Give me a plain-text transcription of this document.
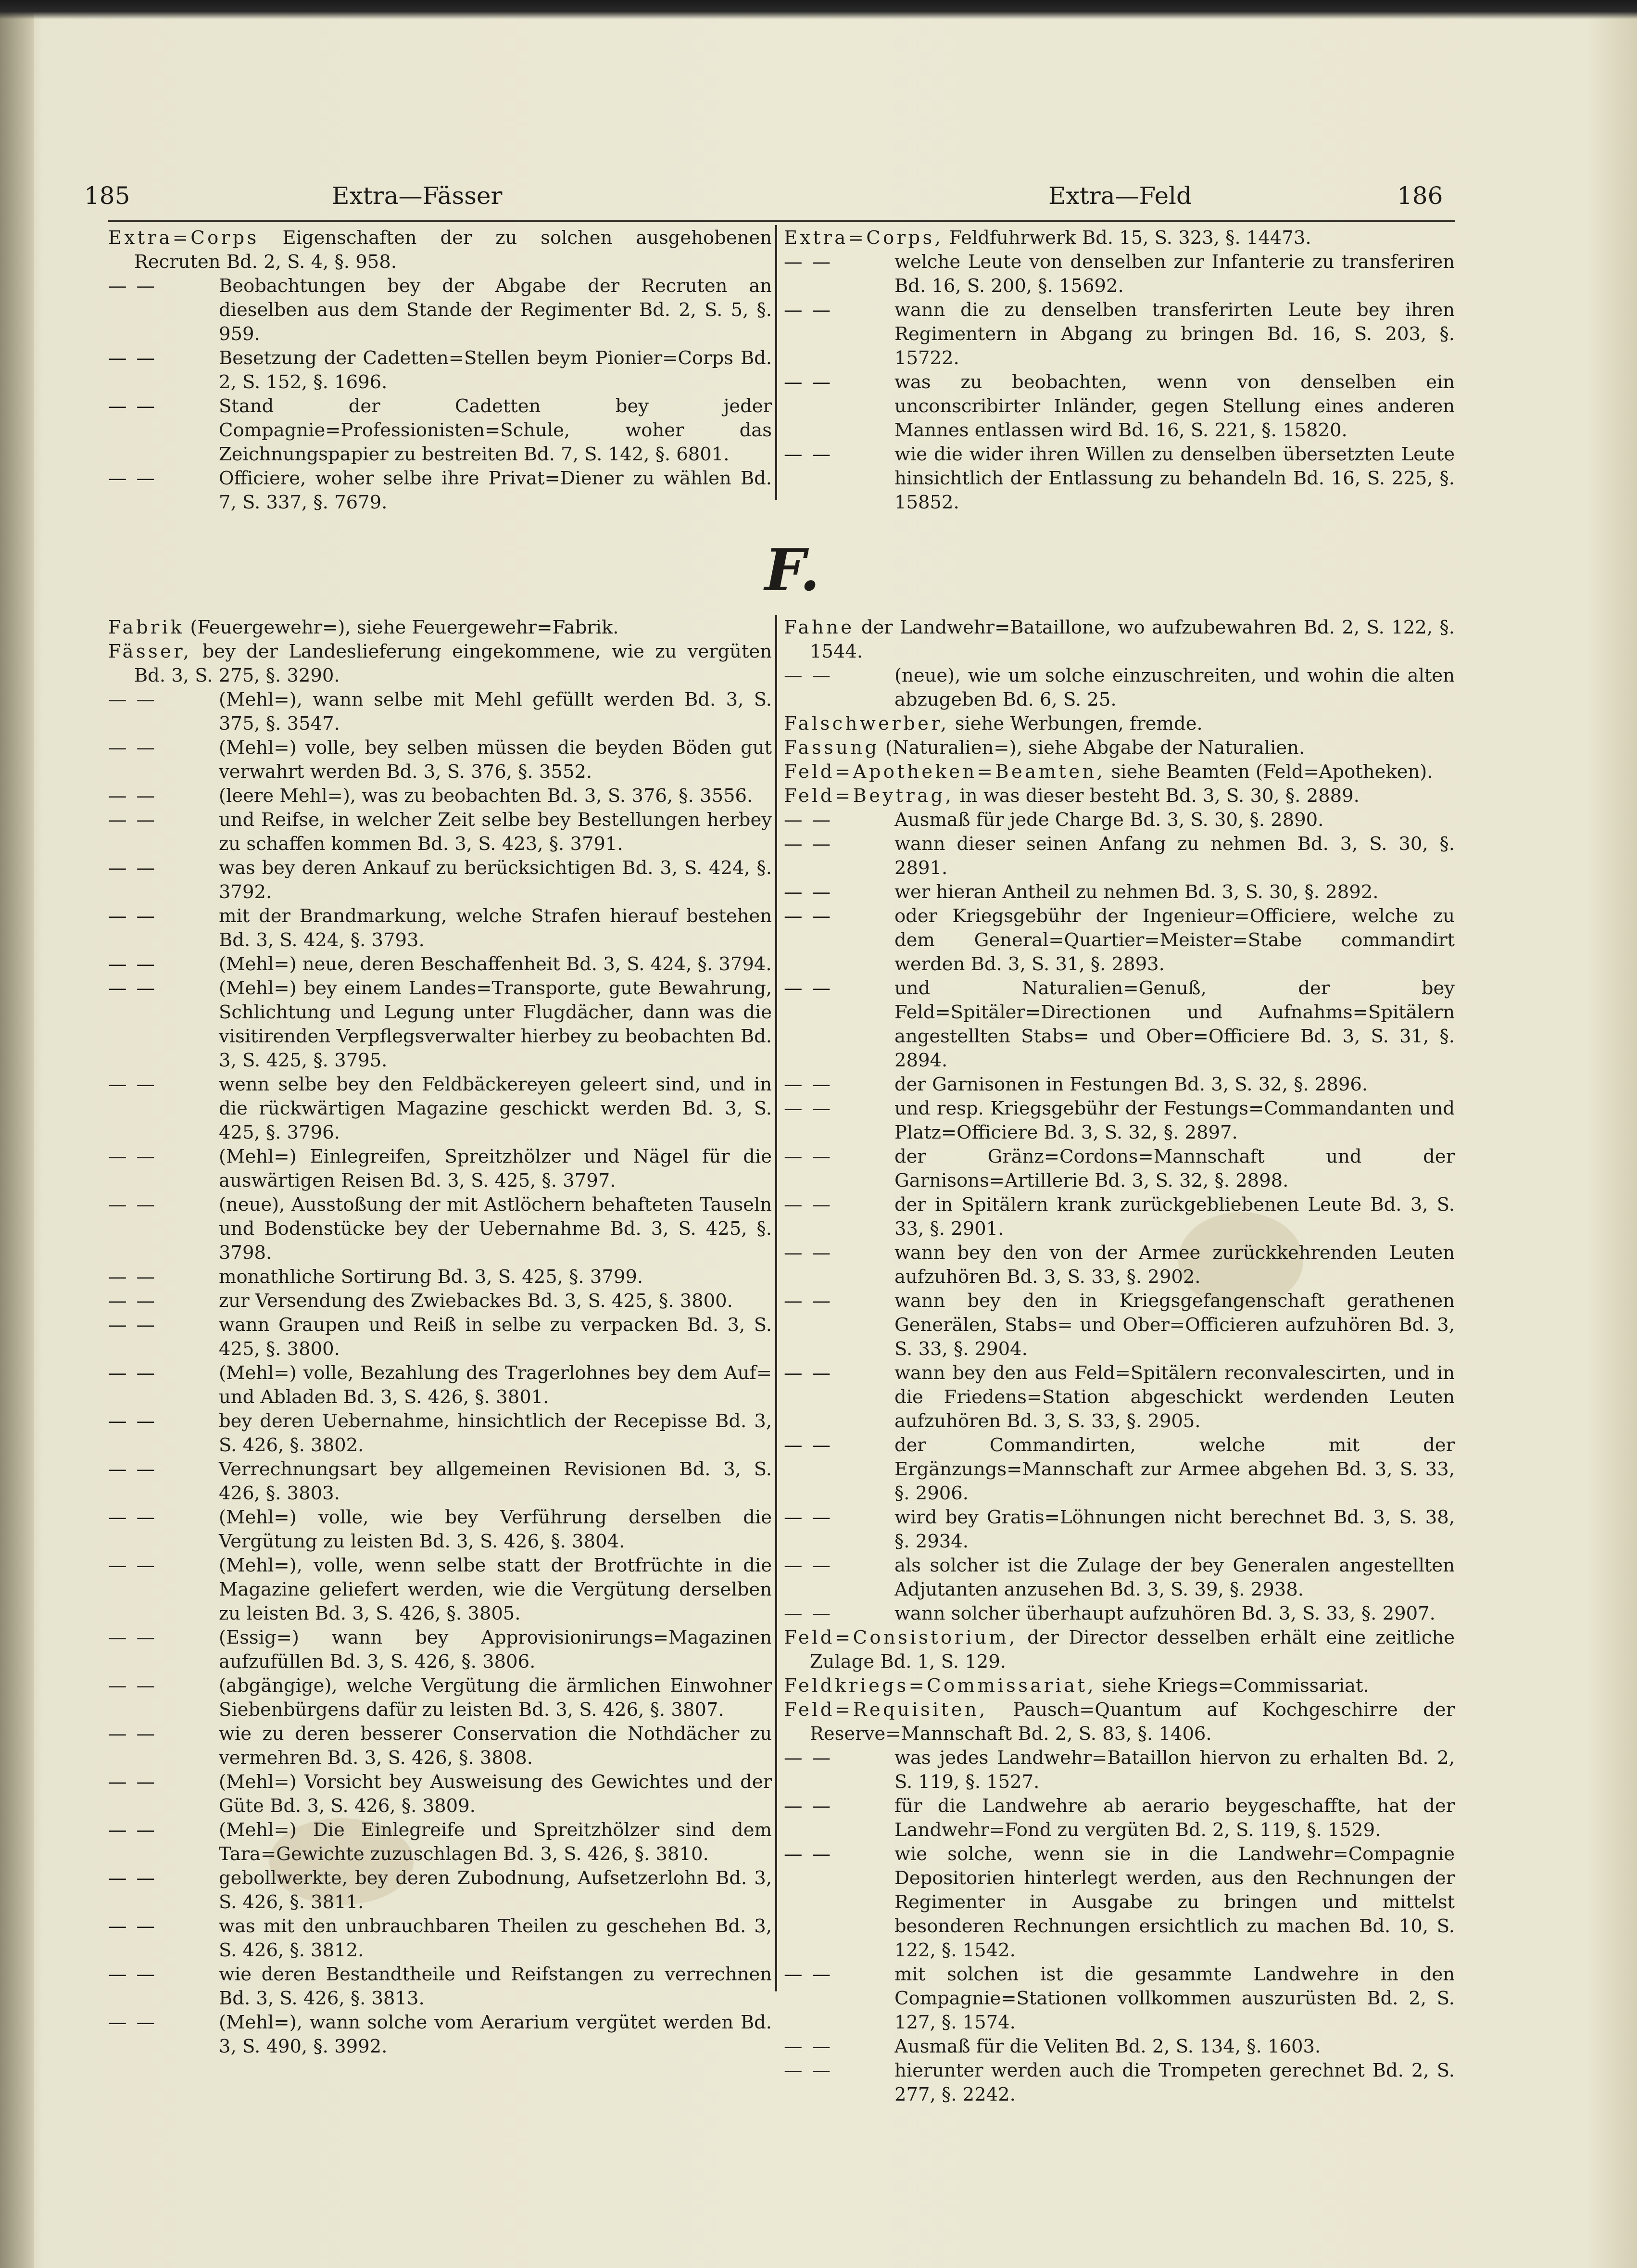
185	Extra—Fässer	Extra—Feld	186

Extra=Corps Eigenschaften der zu solchen ausgehobenen Recruten Bd. 2, S. 4, §. 958.

— —	Beobachtungen bey der Abgabe der Recruten an dieselben aus dem Stande der Regimenter Bd. 2, S. 5, §. 959.

— —	Besetzung der Cadetten=Stellen beym Pionier=Corps Bd. 2, S. 152, §. 1696.

— —	Stand der Cadetten bey jeder Compagnie=Professionisten=Schule, woher das Zeichnungspapier zu bestreiten Bd. 7, S. 142, §. 6801.

— —	Officiere, woher selbe ihre Privat=Diener zu wählen Bd. 7, S. 337, §. 7679.

Extra=Corps, Feldfuhrwerk Bd. 15, S. 323, §. 14473.

— —	welche Leute von denselben zur Infanterie zu transferiren Bd. 16, S. 200, §. 15692.

— —	wann die zu denselben transferirten Leute bey ihren Regimentern in Abgang zu bringen Bd. 16, S. 203, §. 15722.

— —	was zu beobachten, wenn von denselben ein unconscribirter Inländer, gegen Stellung eines anderen Mannes entlassen wird Bd. 16, S. 221, §. 15820.

— —	wie die wider ihren Willen zu denselben übersetzten Leute hinsichtlich der Entlassung zu behandeln Bd. 16, S. 225, §. 15852.

F.

Fabrik (Feuergewehr=), siehe Feuergewehr=Fabrik.

Fässer, bey der Landeslieferung eingekommene, wie zu vergüten Bd. 3, S. 275, §. 3290.

— —	(Mehl=), wann selbe mit Mehl gefüllt werden Bd. 3, S. 375, §. 3547.

— —	(Mehl=) volle, bey selben müssen die beyden Böden gut verwahrt werden Bd. 3, S. 376, §. 3552.

— —	(leere Mehl=), was zu beobachten Bd. 3, S. 376, §. 3556.

— —	und Reifse, in welcher Zeit selbe bey Bestellungen herbey zu schaffen kommen Bd. 3, S. 423, §. 3791.

— —	was bey deren Ankauf zu berücksichtigen Bd. 3, S. 424, §. 3792.

— —	mit der Brandmarkung, welche Strafen hierauf bestehen Bd. 3, S. 424, §. 3793.

— —	(Mehl=) neue, deren Beschaffenheit Bd. 3, S. 424, §. 3794.

— —	(Mehl=) bey einem Landes=Transporte, gute Bewahrung, Schlichtung und Legung unter Flugdächer, dann was die visitirenden Verpflegsverwalter hierbey zu beobachten Bd. 3, S. 425, §. 3795.

— —	wenn selbe bey den Feldbäckereyen geleert sind, und in die rückwärtigen Magazine geschickt werden Bd. 3, S. 425, §. 3796.

— —	(Mehl=) Einlegreifen, Spreitzhölzer und Nägel für die auswärtigen Reisen Bd. 3, S. 425, §. 3797.

— —	(neue), Ausstoßung der mit Astlöchern behafteten Tauseln und Bodenstücke bey der Uebernahme Bd. 3, S. 425, §. 3798.

— —	monathliche Sortirung Bd. 3, S. 425, §. 3799.

— —	zur Versendung des Zwiebackes Bd. 3, S. 425, §. 3800.

— —	wann Graupen und Reiß in selbe zu verpacken Bd. 3, S. 425, §. 3800.

— —	(Mehl=) volle, Bezahlung des Tragerlohnes bey dem Auf= und Abladen Bd. 3, S. 426, §. 3801.

— —	bey deren Uebernahme, hinsichtlich der Recepisse Bd. 3, S. 426, §. 3802.

— —	Verrechnungsart bey allgemeinen Revisionen Bd. 3, S. 426, §. 3803.

— —	(Mehl=) volle, wie bey Verführung derselben die Vergütung zu leisten Bd. 3, S. 426, §. 3804.

— —	(Mehl=), volle, wenn selbe statt der Brotfrüchte in die Magazine geliefert werden, wie die Vergütung derselben zu leisten Bd. 3, S. 426, §. 3805.

— —	(Essig=) wann bey Approvisionirungs=Magazinen aufzufüllen Bd. 3, S. 426, §. 3806.

— —	(abgängige), welche Vergütung die ärmlichen Einwohner Siebenbürgens dafür zu leisten Bd. 3, S. 426, §. 3807.

— —	wie zu deren besserer Conservation die Nothdächer zu vermehren Bd. 3, S. 426, §. 3808.

— —	(Mehl=) Vorsicht bey Ausweisung des Gewichtes und der Güte Bd. 3, S. 426, §. 3809.

— —	(Mehl=) Die Einlegreife und Spreitzhölzer sind dem Tara=Gewichte zuzuschlagen Bd. 3, S. 426, §. 3810.

— —	gebollwerkte, bey deren Zubodnung, Aufsetzerlohn Bd. 3, S. 426, §. 3811.

— —	was mit den unbrauchbaren Theilen zu geschehen Bd. 3, S. 426, §. 3812.

— —	wie deren Bestandtheile und Reifstangen zu verrechnen Bd. 3, S. 426, §. 3813.

— —	(Mehl=), wann solche vom Aerarium vergütet werden Bd. 3, S. 490, §. 3992.

Fahne der Landwehr=Bataillone, wo aufzubewahren Bd. 2, S. 122, §. 1544.

— —	(neue), wie um solche einzuschreiten, und wohin die alten abzugeben Bd. 6, S. 25.

Falschwerber, siehe Werbungen, fremde.

Fassung (Naturalien=), siehe Abgabe der Naturalien.

Feld=Apotheken=Beamten, siehe Beamten (Feld=Apotheken).

Feld=Beytrag, in was dieser besteht Bd. 3, S. 30, §. 2889.

— —	Ausmaß für jede Charge Bd. 3, S. 30, §. 2890.

— —	wann dieser seinen Anfang zu nehmen Bd. 3, S. 30, §. 2891.

— —	wer hieran Antheil zu nehmen Bd. 3, S. 30, §. 2892.

— —	oder Kriegsgebühr der Ingenieur=Officiere, welche zu dem General=Quartier=Meister=Stabe commandirt werden Bd. 3, S. 31, §. 2893.

— —	und Naturalien=Genuß, der bey Feld=Spitäler=Directionen und Aufnahms=Spitälern angestellten Stabs= und Ober=Officiere Bd. 3, S. 31, §. 2894.

— —	der Garnisonen in Festungen Bd. 3, S. 32, §. 2896.

— —	und resp. Kriegsgebühr der Festungs=Commandanten und Platz=Officiere Bd. 3, S. 32, §. 2897.

— —	der Gränz=Cordons=Mannschaft und der Garnisons=Artillerie Bd. 3, S. 32, §. 2898.

— —	der in Spitälern krank zurückgebliebenen Leute Bd. 3, S. 33, §. 2901.

— —	wann bey den von der Armee zurückkehrenden Leuten aufzuhören Bd. 3, S. 33, §. 2902.

— —	wann bey den in Kriegsgefangenschaft gerathenen Generälen, Stabs= und Ober=Officieren aufzuhören Bd. 3, S. 33, §. 2904.

— —	wann bey den aus Feld=Spitälern reconvalescirten, und in die Friedens=Station abgeschickt werdenden Leuten aufzuhören Bd. 3, S. 33, §. 2905.

— —	der Commandirten, welche mit der Ergänzungs=Mannschaft zur Armee abgehen Bd. 3, S. 33, §. 2906.

— —	wird bey Gratis=Löhnungen nicht berechnet Bd. 3, S. 38, §. 2934.

— —	als solcher ist die Zulage der bey Generalen angestellten Adjutanten anzusehen Bd. 3, S. 39, §. 2938.

— —	wann solcher überhaupt aufzuhören Bd. 3, S. 33, §. 2907.

Feld=Consistorium, der Director desselben erhält eine zeitliche Zulage Bd. 1, S. 129.

Feldkriegs=Commissariat, siehe Kriegs=Commissariat.

Feld=Requisiten, Pausch=Quantum auf Kochgeschirre der Reserve=Mannschaft Bd. 2, S. 83, §. 1406.

— —	was jedes Landwehr=Bataillon hiervon zu erhalten Bd. 2, S. 119, §. 1527.

— —	für die Landwehre ab aerario beygeschaffte, hat der Landwehr=Fond zu vergüten Bd. 2, S. 119, §. 1529.

— —	wie solche, wenn sie in die Landwehr=Compagnie Depositorien hinterlegt werden, aus den Rechnungen der Regimenter in Ausgabe zu bringen und mittelst besonderen Rechnungen ersichtlich zu machen Bd. 10, S. 122, §. 1542.

— —	mit solchen ist die gesammte Landwehre in den Compagnie=Stationen vollkommen auszurüsten Bd. 2, S. 127, §. 1574.

— —	Ausmaß für die Veliten Bd. 2, S. 134, §. 1603.

— —	hierunter werden auch die Trompeten gerechnet Bd. 2, S. 277, §. 2242.
